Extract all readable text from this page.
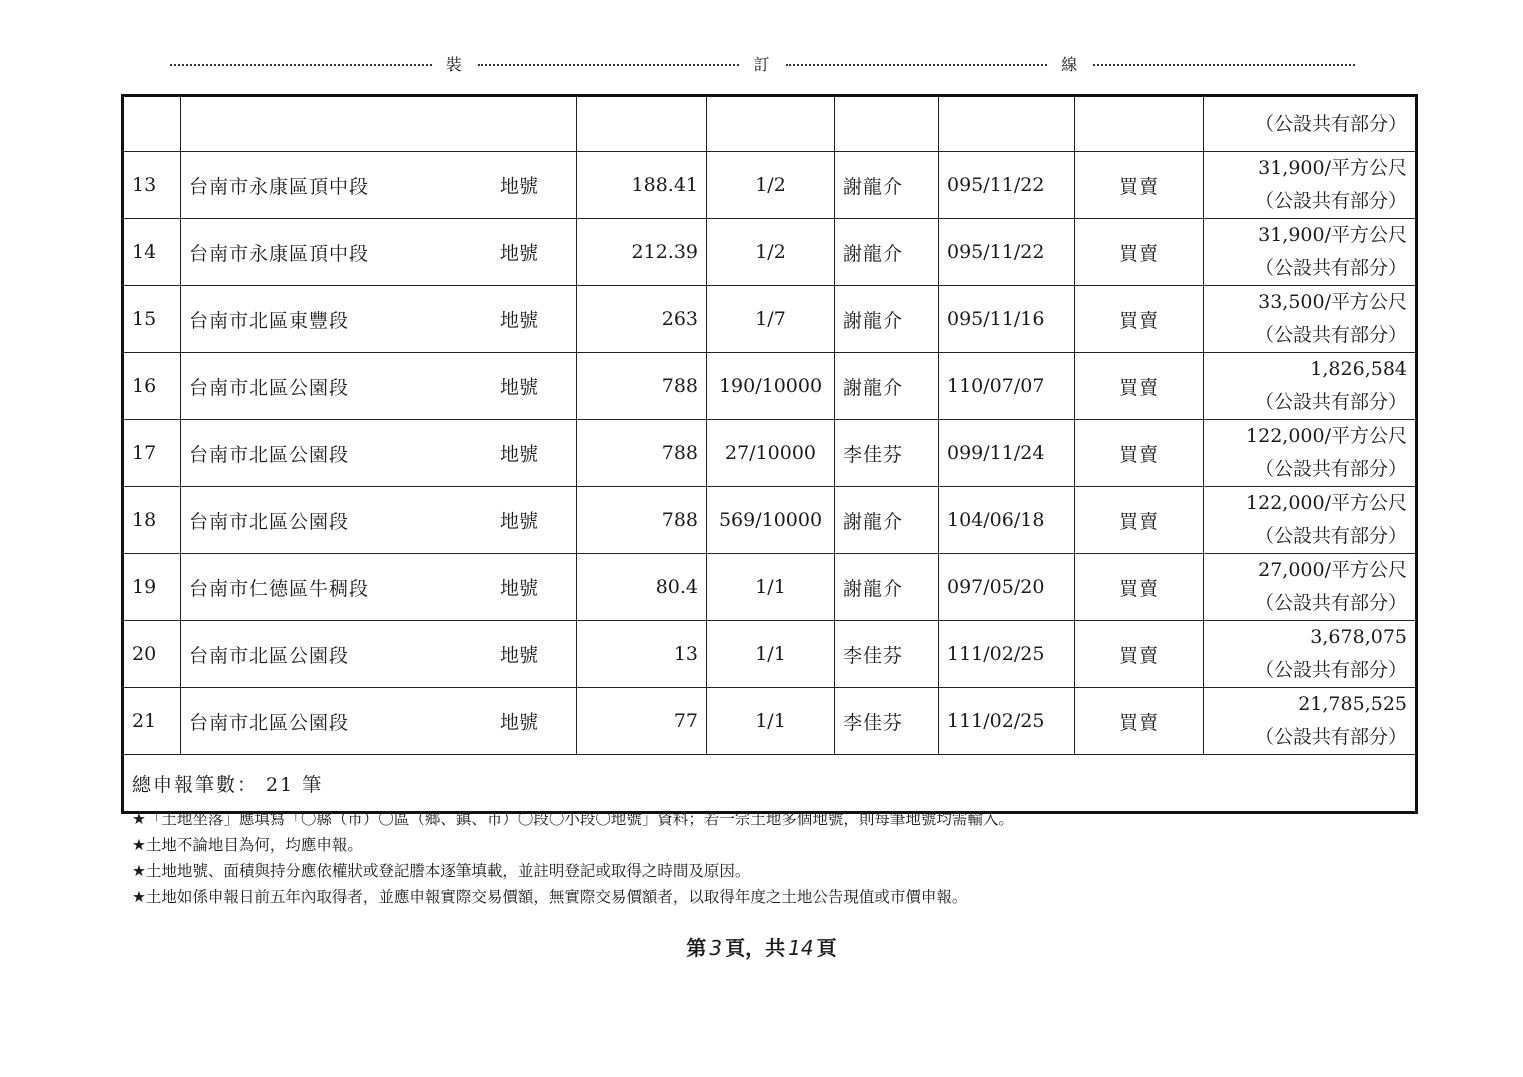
裝	訂	線

							（公設共有部分）

13	台南市永康區頂中段 地號	188.41	1/2	謝龍介	095/11/22	買賣	31,900/平方公尺
（公設共有部分）

14	台南市永康區頂中段 地號	212.39	1/2	謝龍介	095/11/22	買賣	31,900/平方公尺
（公設共有部分）

15	台南市北區東豐段 地號	263	1/7	謝龍介	095/11/16	買賣	33,500/平方公尺
（公設共有部分）

16	台南市北區公園段 地號	788	190/10000	謝龍介	110/07/07	買賣	1,826,584
（公設共有部分）

17	台南市北區公園段 地號	788	27/10000	李佳芬	099/11/24	買賣	122,000/平方公尺
（公設共有部分）

18	台南市北區公園段 地號	788	569/10000	謝龍介	104/06/18	買賣	122,000/平方公尺
（公設共有部分）

19	台南市仁德區牛稠段 地號	80.4	1/1	謝龍介	097/05/20	買賣	27,000/平方公尺
（公設共有部分）

20	台南市北區公園段 地號	13	1/1	李佳芬	111/02/25	買賣	3,678,075
（公設共有部分）

21	台南市北區公園段 地號	77	1/1	李佳芬	111/02/25	買賣	21,785,525
（公設共有部分）

總申報筆數： 21 筆							
★「土地坐落」應填寫「〇縣（市）〇區（鄉、鎮、市）〇段〇小段〇地號」資料；若一宗土地多個地號，則每筆地號均需輸入。
★土地不論地目為何，均應申報。
★土地地號、面積與持分應依權狀或登記謄本逐筆填載，並註明登記或取得之時間及原因。
★土地如係申報日前五年內取得者，並應申報實際交易價額，無實際交易價額者，以取得年度之土地公告現值或市價申報。
第 3 頁，共 14 頁
